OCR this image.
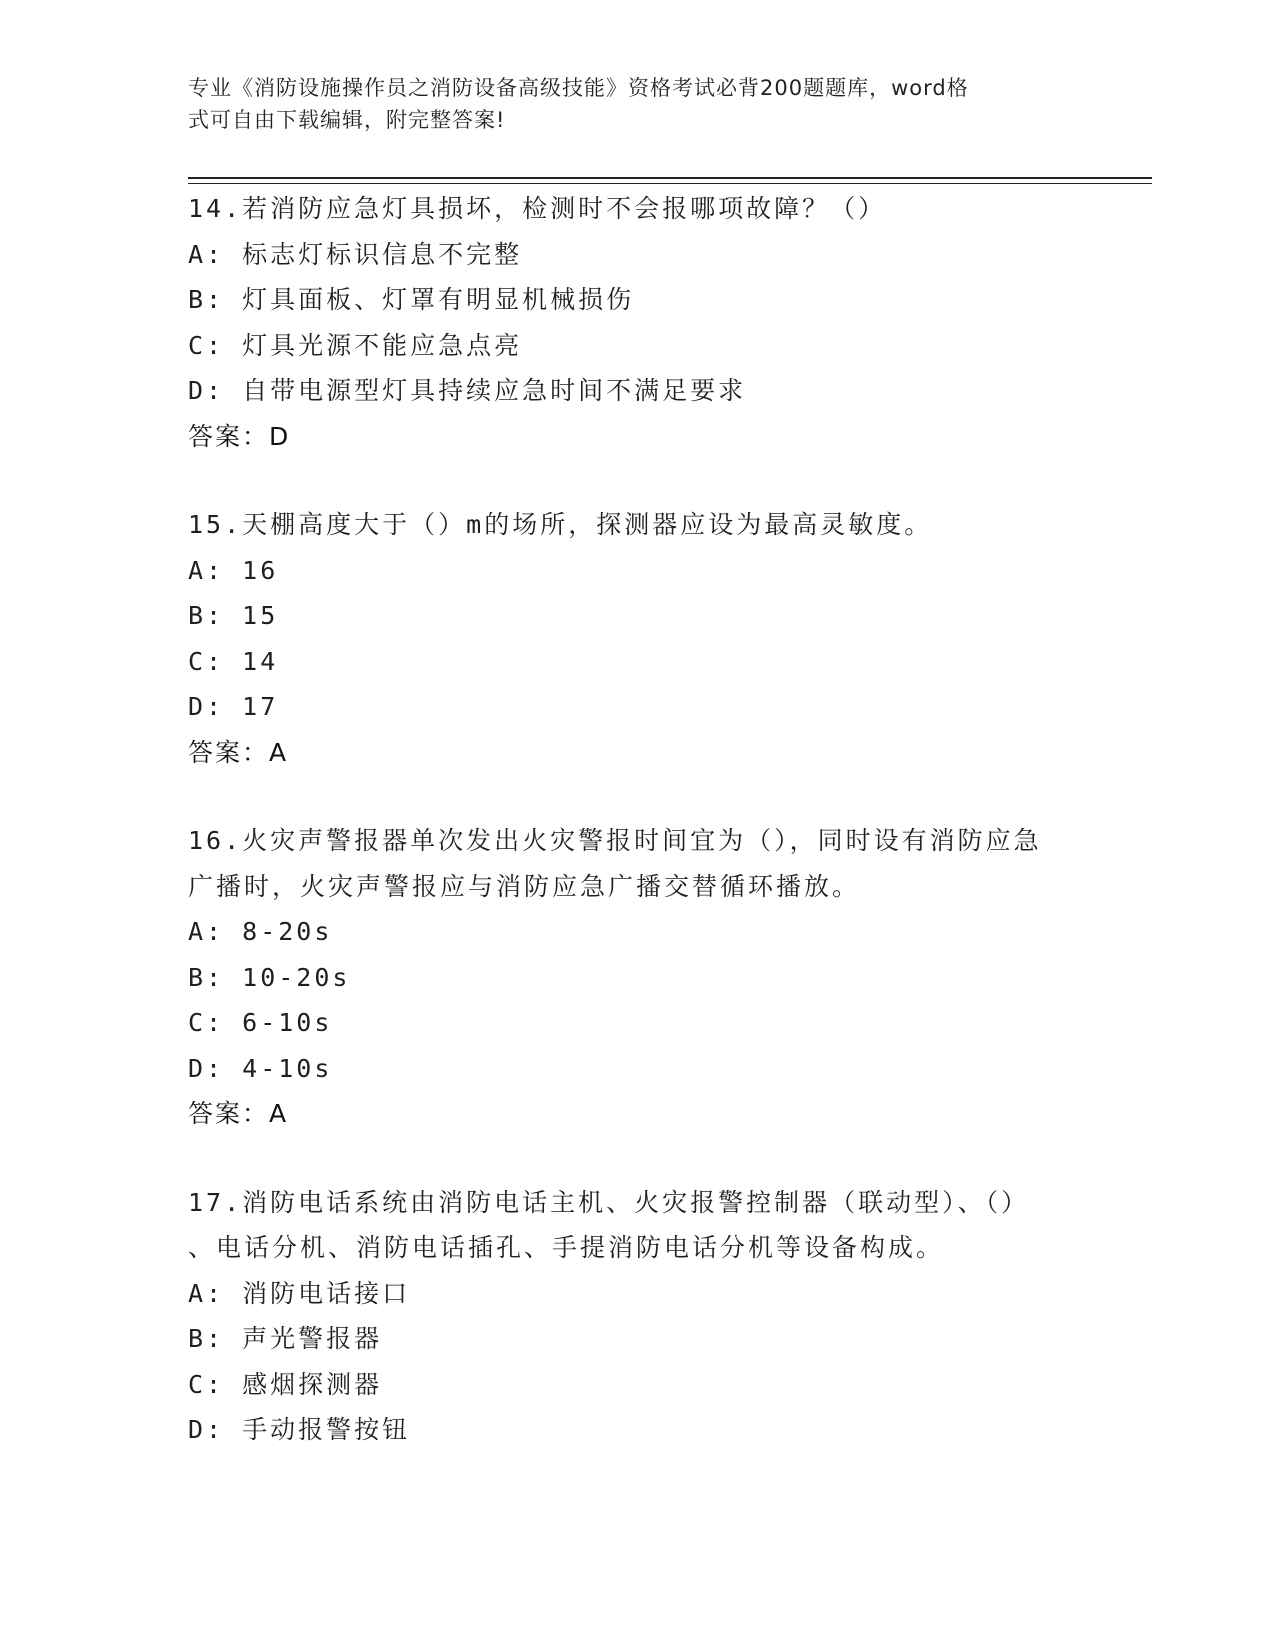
专业《消防设施操作员之消防设备高级技能》资格考试必背200题题库，word格
式可自由下载编辑，附完整答案!
14.若消防应急灯具损坏，检测时不会报哪项故障？（）
A: 标志灯标识信息不完整
B: 灯具面板、灯罩有明显机械损伤
C: 灯具光源不能应急点亮
D: 自带电源型灯具持续应急时间不满足要求
答案：D
15.天棚高度大于（）m的场所，探测器应设为最高灵敏度。
A: 16
B: 15
C: 14
D: 17
答案：A
16.火灾声警报器单次发出火灾警报时间宜为（），同时设有消防应急
广播时，火灾声警报应与消防应急广播交替循环播放。
A: 8-20s
B: 10-20s
C: 6-10s
D: 4-10s
答案：A
17.消防电话系统由消防电话主机、火灾报警控制器（联动型）、（）
、电话分机、消防电话插孔、手提消防电话分机等设备构成。
A: 消防电话接口
B: 声光警报器
C: 感烟探测器
D: 手动报警按钮
